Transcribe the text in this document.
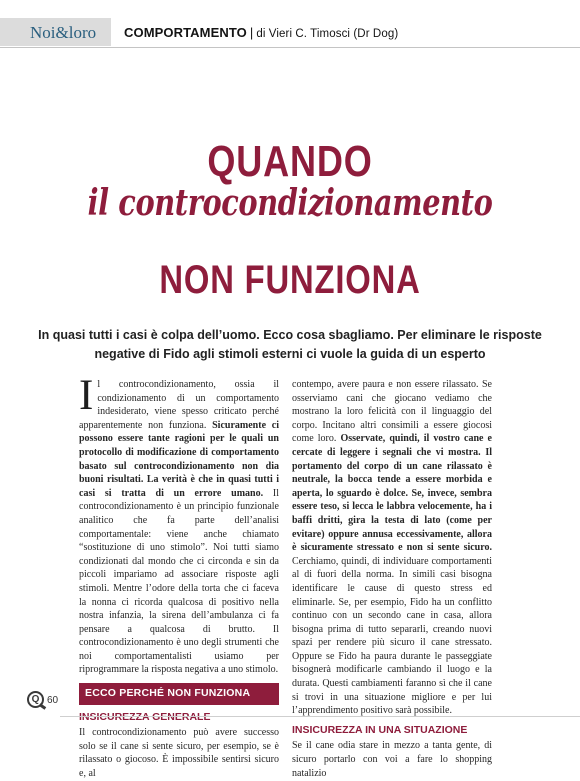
Noi&loro COMPORTAMENTO | di Vieri C. Timosci (Dr Dog)
QUANDO
il controcondizionamento
NON FUNZIONA
In quasi tutti i casi è colpa dell’uomo. Ecco cosa sbagliamo. Per eliminare le risposte negative di Fido agli stimoli esterni ci vuole la guida di un esperto

Il controcondizionamento, ossia il condizionamento di un comportamento indesiderato, viene spesso criticato perché apparentemente non funziona. Sicuramente ci possono essere tante ragioni per le quali un protocollo di modificazione di comportamento basato sul controcondizionamento non dia buoni risultati. La verità è che in quasi tutti i casi si tratta di un errore umano. Il controcondizionamento è un principio funzionale analitico che fa parte dell’analisi comportamentale: viene anche chiamato “sostituzione di uno stimolo”. Noi tutti siamo condizionati dal mondo che ci circonda e sin da piccoli impariamo ad associare risposte agli stimoli. Mentre l’odore della torta che ci faceva la nonna ci ricorda qualcosa di positivo nella nostra infanzia, la sirena dell’ambulanza ci fa pensare a qualcosa di brutto. Il controcondizionamento è uno degli strumenti che noi comportamentalisti usiamo per riprogrammare la risposta negativa a uno stimolo.

ECCO PERCHÉ NON FUNZIONA

Il controcondizionamento può avere successo solo se il cane si sente sicuro, per esempio, se è rilassato o giocoso. È impossibile sentirsi sicuro e, al

contempo, avere paura e non essere rilassato. Se osserviamo cani che giocano vediamo che mostrano la loro felicità con il linguaggio del corpo. Incitano altri consimili a essere giocosi come loro. Osservate, quindi, il vostro cane e cercate di leggere i segnali che vi mostra. Il portamento del corpo di un cane rilassato è neutrale, la bocca tende a essere morbida e aperta, lo sguardo è dolce. Se, invece, sembra essere teso, si lecca le labbra velocemente, ha i baffi dritti, gira la testa di lato (come per evitare) oppure annusa eccessivamente, allora è sicuramente stressato e non si sente sicuro. Cerchiamo, quindi, di individuare comportamenti al di fuori della norma. In simili casi bisogna identificare le cause di questo stress ed eliminarle. Se, per esempio, Fido ha un conflitto continuo con un secondo cane in casa, allora bisogna prima di tutto separarli, creando nuovi spazi per rendere più sicuro il cane stressato. Oppure se Fido ha paura durante le passeggiate bisognerà modificarle cambiando il luogo e la durata. Questi cambiamenti faranno sì che il cane si trovi in una situazione migliore e per lui l’apprendimento positivo sarà possibile.

INSICUREZZA IN UNA SITUAZIONE

Se il cane odia stare in mezzo a tanta gente, di sicuro portarlo con voi a fare lo shopping natalizio

Q 60
